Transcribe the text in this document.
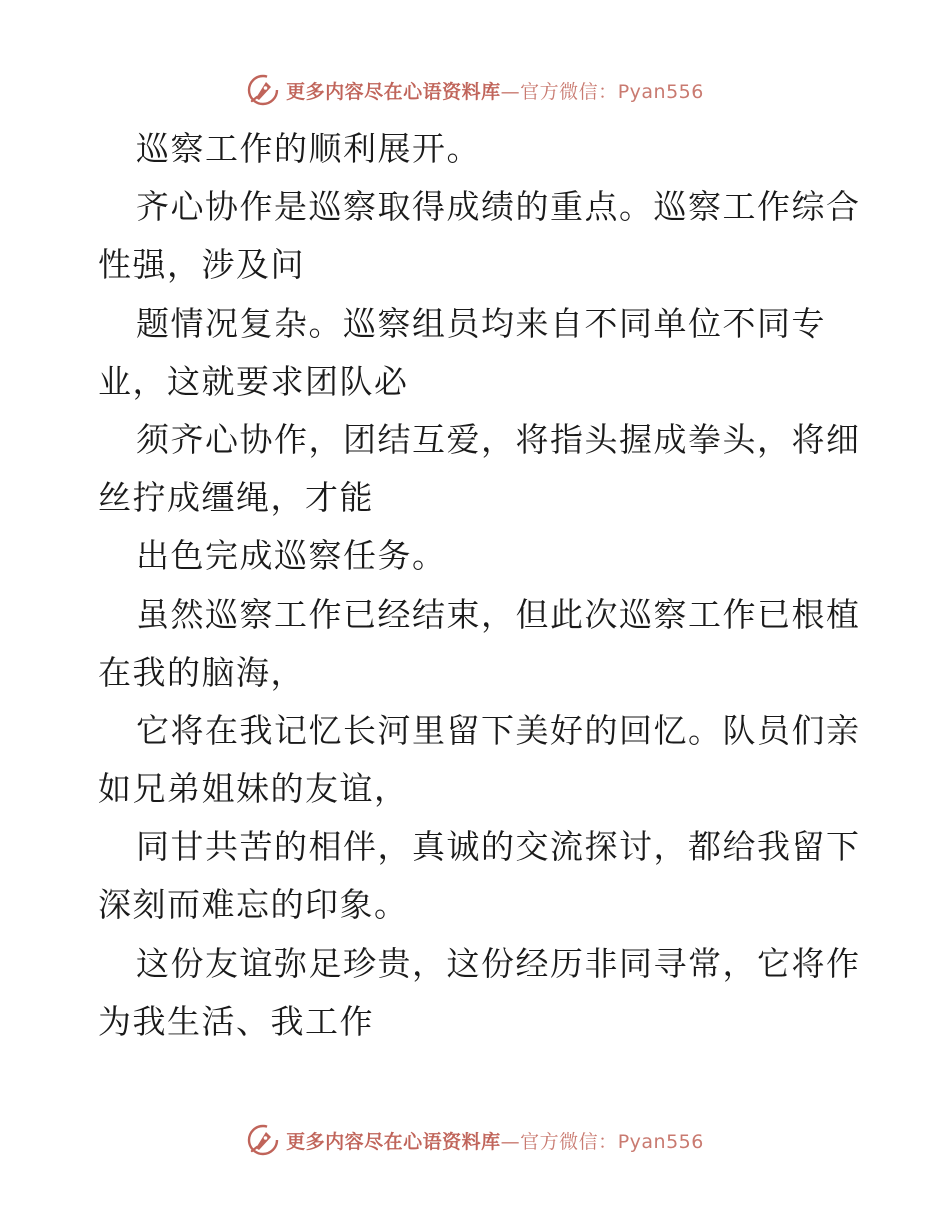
更多内容尽在心语资料库—官方微信：Pyan556
巡察工作的顺利展开。
齐心协作是巡察取得成绩的重点。巡察工作综合
性强，涉及问
题情况复杂。巡察组员均来自不同单位不同专
业，这就要求团队必
须齐心协作，团结互爱，将指头握成拳头，将细
丝拧成缰绳，才能
出色完成巡察任务。
虽然巡察工作已经结束，但此次巡察工作已根植
在我的脑海，
它将在我记忆长河里留下美好的回忆。队员们亲
如兄弟姐妹的友谊，
同甘共苦的相伴，真诚的交流探讨，都给我留下
深刻而难忘的印象。
这份友谊弥足珍贵，这份经历非同寻常，它将作
为我生活、我工作
更多内容尽在心语资料库—官方微信：Pyan556
